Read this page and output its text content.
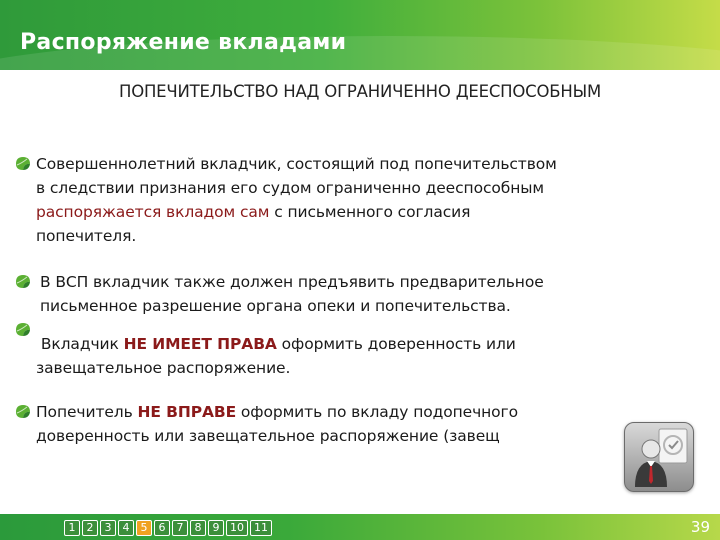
Распоряжение вкладами
ПОПЕЧИТЕЛЬСТВО НАД ОГРАНИЧЕННО ДЕЕСПОСОБНЫМ
Совершеннолетний вкладчик, состоящий под попечительством
в следствии признания его судом ограниченно дееспособным
распоряжается вкладом сам с письменного согласия
попечителя.
В ВСП вкладчик также должен предъявить предварительное
письменное разрешение органа опеки и попечительства.
Вкладчик НЕ ИМЕЕТ ПРАВА оформить доверенность или
завещательное распоряжение.
Попечитель НЕ ВПРАВЕ оформить по вкладу подопечного
доверенность или завещательное распоряжение (завещ
1	2	3	4	5	6	7	8	9 10 11	39
